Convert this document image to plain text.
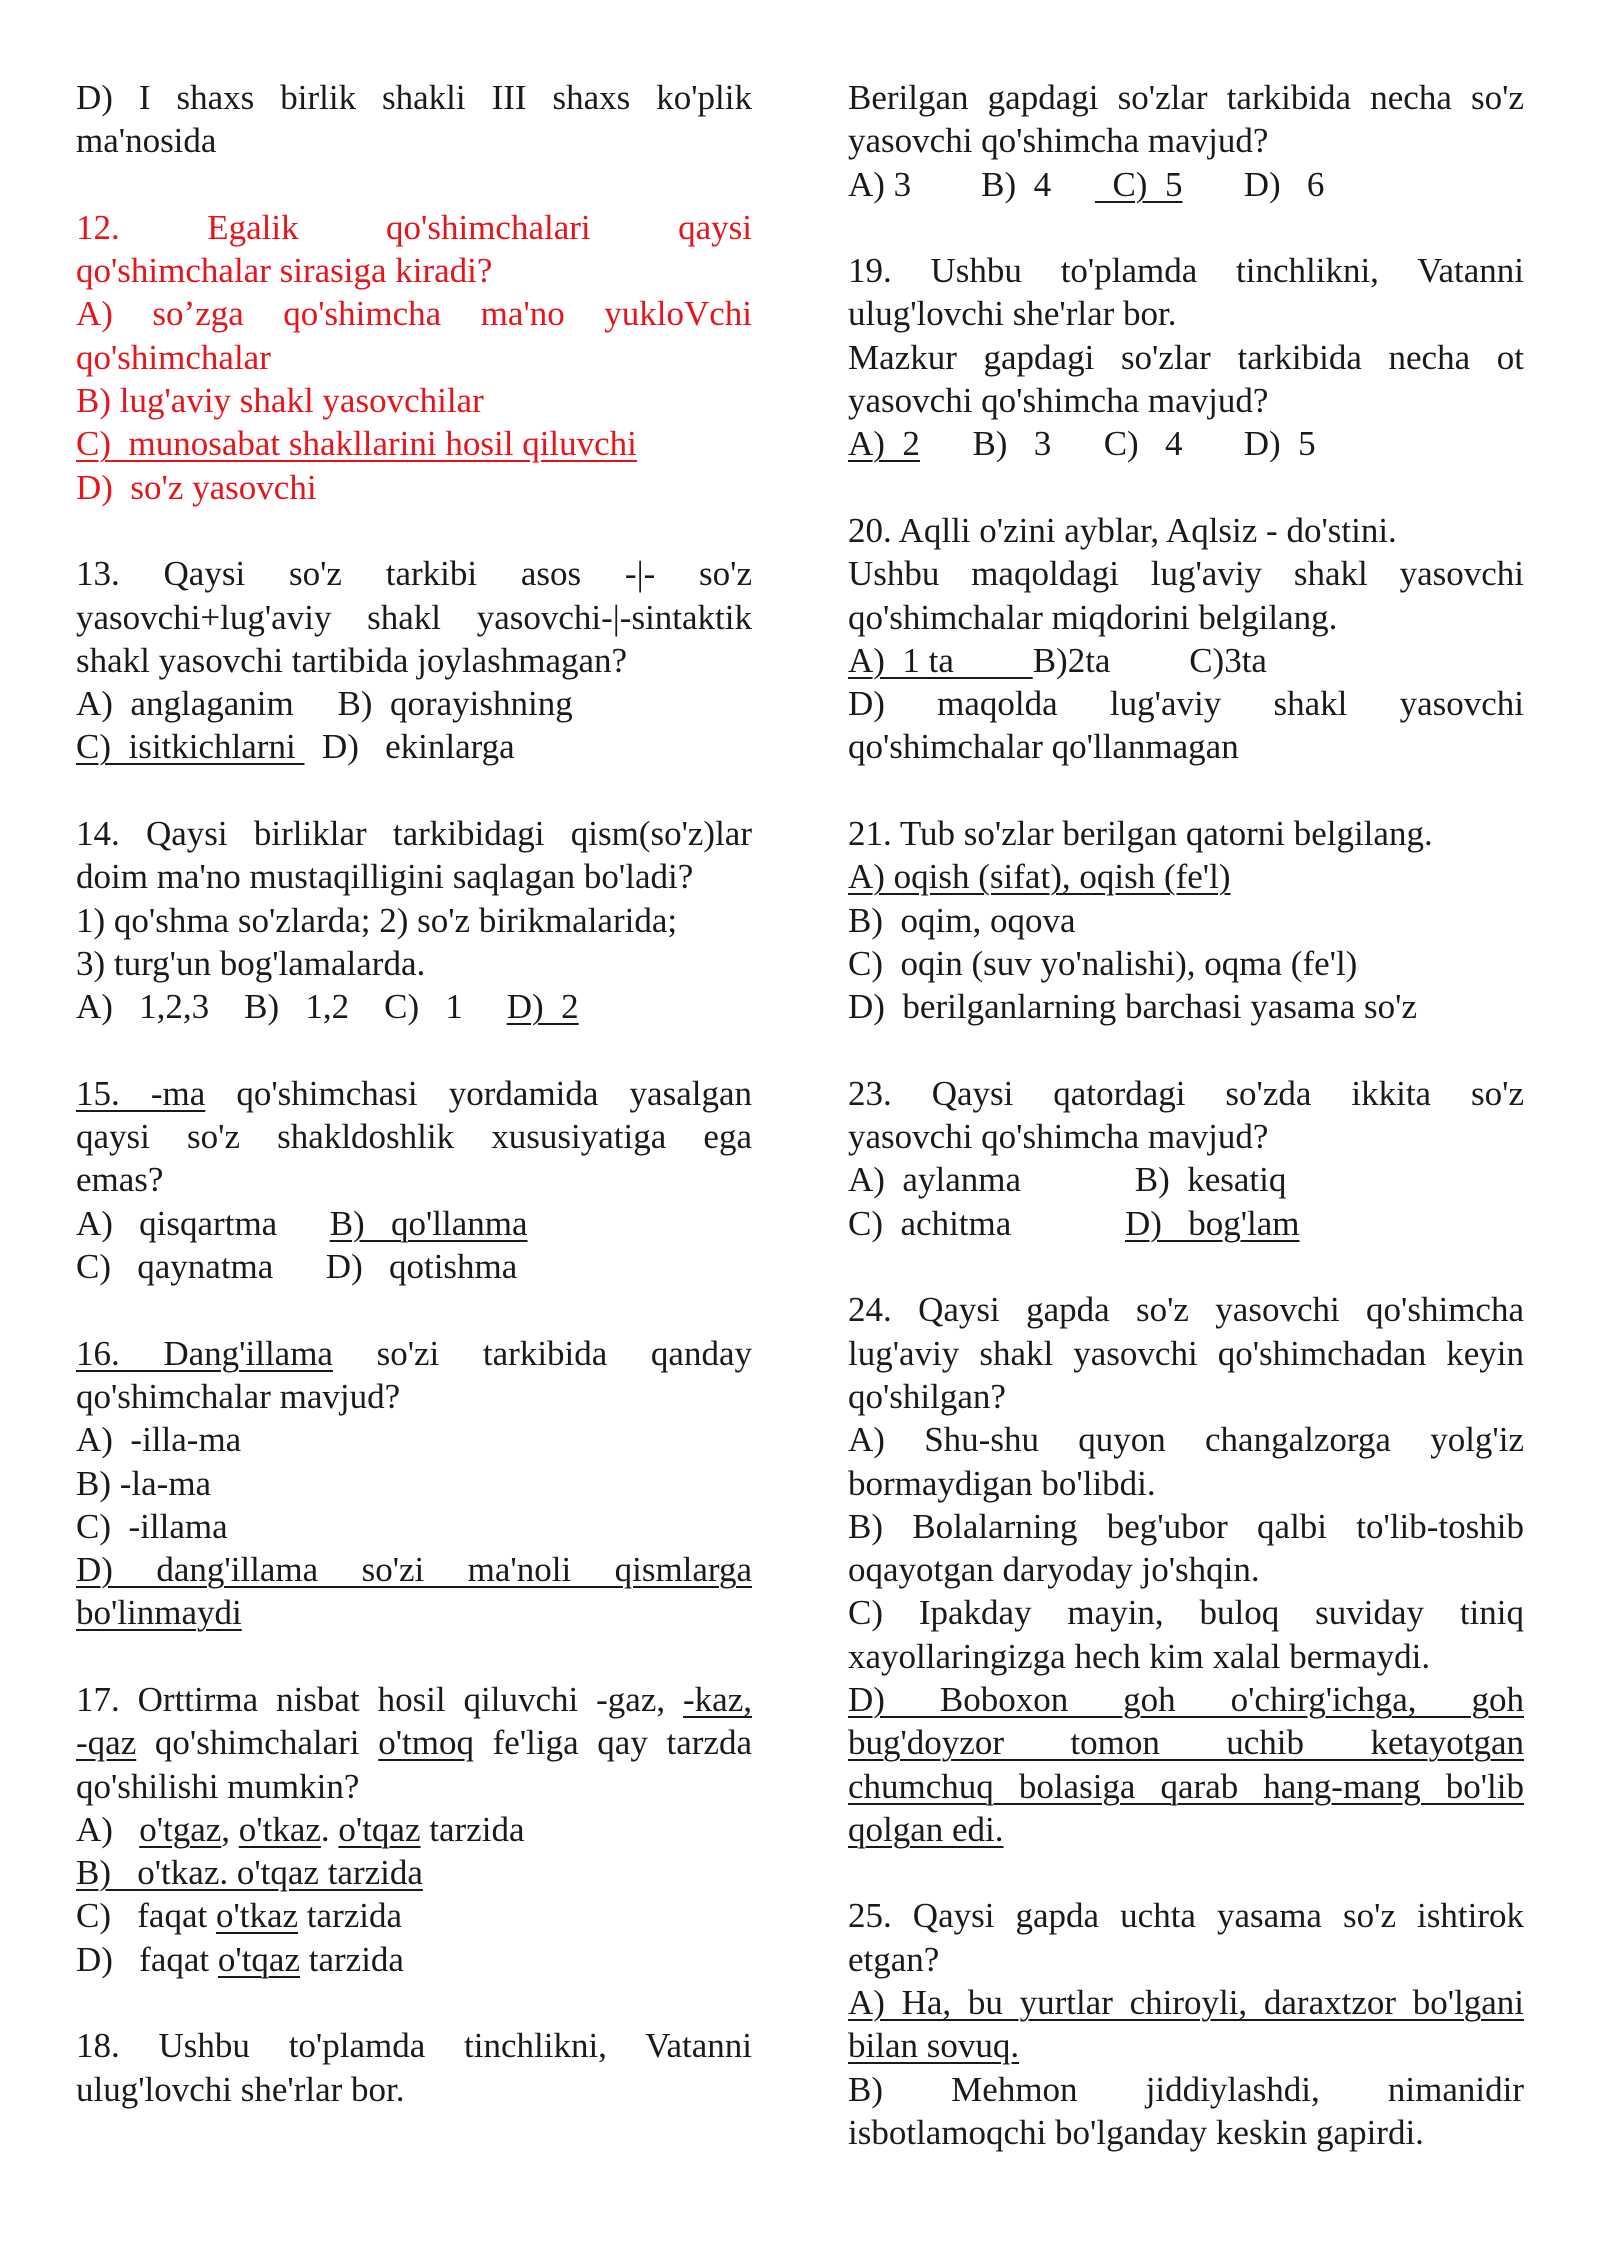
D) I shaxs birlik shakli III shaxs ko'plik
ma'nosida
12. Egalik qo'shimchalari qaysi
qo'shimchalar sirasiga kiradi?
A) soʼzga qo'shimcha ma'no yukloVchi
qo'shimchalar
B) lug'aviy shakl yasovchilar
C)  munosabat shakllarini hosil qiluvchi
D)  so'z yasovchi
13. Qaysi so'z tarkibi asos -|- so'z
yasovchi+lug'aviy shakl yasovchi-|-sintaktik
shakl yasovchi tartibida joylashmagan?
A)  anglaganim     B)  qorayishning
C)  isitkichlarni   D)   ekinlarga
14. Qaysi birliklar tarkibidagi qism(so'z)lar
doim ma'no mustaqilligini saqlagan bo'ladi?
1) qo'shma so'zlarda; 2) so'z birikmalarida;
3) turg'un bog'lamalarda.
A)   1,2,3    B)   1,2    C)   1     D)  2
15. -ma qo'shimchasi yordamida yasalgan
qaysi so'z shakldoshlik xususiyatiga ega
emas?
A)   qisqartma      B)   qo'llanma
C)   qaynatma      D)   qotishma
16. Dang'illama so'zi tarkibida qanday
qo'shimchalar mavjud?
A)  -illa-ma
B) -la-ma
C)  -illama
D) dang'illama so'zi ma'noli qismlarga
bo'linmaydi
17. Orttirma nisbat hosil qiluvchi -gaz, -kaz,
-qaz qo'shimchalari o'tmoq fe'liga qay tarzda
qo'shilishi mumkin?
A)   o'tgaz, o'tkaz. o'tqaz tarzida
B)   o'tkaz. o'tqaz tarzida
C)   faqat o'tkaz tarzida
D)   faqat o'tqaz tarzida
18. Ushbu to'plamda tinchlikni, Vatanni
ulug'lovchi she'rlar bor.
Berilgan gapdagi so'zlar tarkibida necha so'z
yasovchi qo'shimcha mavjud?
A) 3        B)  4       C)  5       D)   6
19. Ushbu to'plamda tinchlikni, Vatanni
ulug'lovchi she'rlar bor.
Mazkur gapdagi so'zlar tarkibida necha ot
yasovchi qo'shimcha mavjud?
A)  2      B)   3      C)   4       D)  5
20. Aqlli o'zini ayblar, Aqlsiz - do'stini.
Ushbu maqoldagi lug'aviy shakl yasovchi
qo'shimchalar miqdorini belgilang.
A)  1 ta         B)2ta         C)3ta
D) maqolda lug'aviy shakl yasovchi
qo'shimchalar qo'llanmagan
21. Tub so'zlar berilgan qatorni belgilang.
A) oqish (sifat), oqish (fe'l)
B)  oqim, oqova
C)  oqin (suv yo'nalishi), oqma (fe'l)
D)  berilganlarning barchasi yasama so'z
23. Qaysi qatordagi so'zda ikkita so'z
yasovchi qo'shimcha mavjud?
A)  aylanma             B)  kesatiq
C)  achitma             D)   bog'lam
24. Qaysi gapda so'z yasovchi qo'shimcha
lug'aviy shakl yasovchi qo'shimchadan keyin
qo'shilgan?
A) Shu-shu quyon changalzorga yolg'iz
bormaydigan bo'libdi.
B) Bolalarning beg'ubor qalbi to'lib-toshib
oqayotgan daryoday jo'shqin.
C) Ipakday mayin, buloq suviday tiniq
xayollaringizga hech kim xalal bermaydi.
D) Boboxon goh o'chirg'ichga, goh
bug'doyzor tomon uchib ketayotgan
chumchuq bolasiga qarab hang-mang bo'lib
qolgan edi.
25. Qaysi gapda uchta yasama so'z ishtirok
etgan?
A) Ha, bu yurtlar chiroyli, daraxtzor bo'lgani
bilan sovuq.
B) Mehmon jiddiylashdi, nimanidir
isbotlamoqchi bo'lganday keskin gapirdi.
